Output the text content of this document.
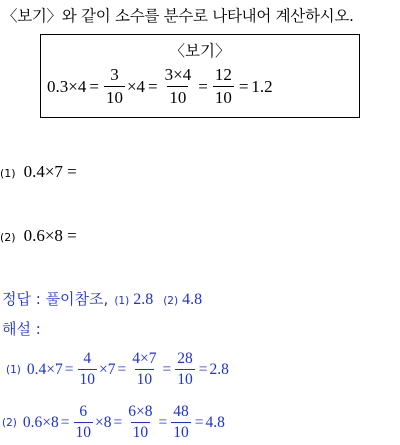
〈보기〉와 같이 소수를 분수로 나타내어 계산하시오.
〈보기〉
$0.3\times 4 = \frac{3}{10} \times 4 = \frac{3\times 4}{10} = \frac{12}{10} = 1.2$
(1) 0.4×7 =
(2) 0.6×8 =
정답 : 풀이참조, (1) 2.8 (2) 4.8
해설 :
(1) $0.4\times 7 = \frac{4}{10} \times 7 = \frac{4\times 7}{10} = \frac{28}{10} = 2.8$
(2) $0.6\times 8 = \frac{6}{10} \times 8 = \frac{6\times 8}{10} = \frac{48}{10} = 4.8$
